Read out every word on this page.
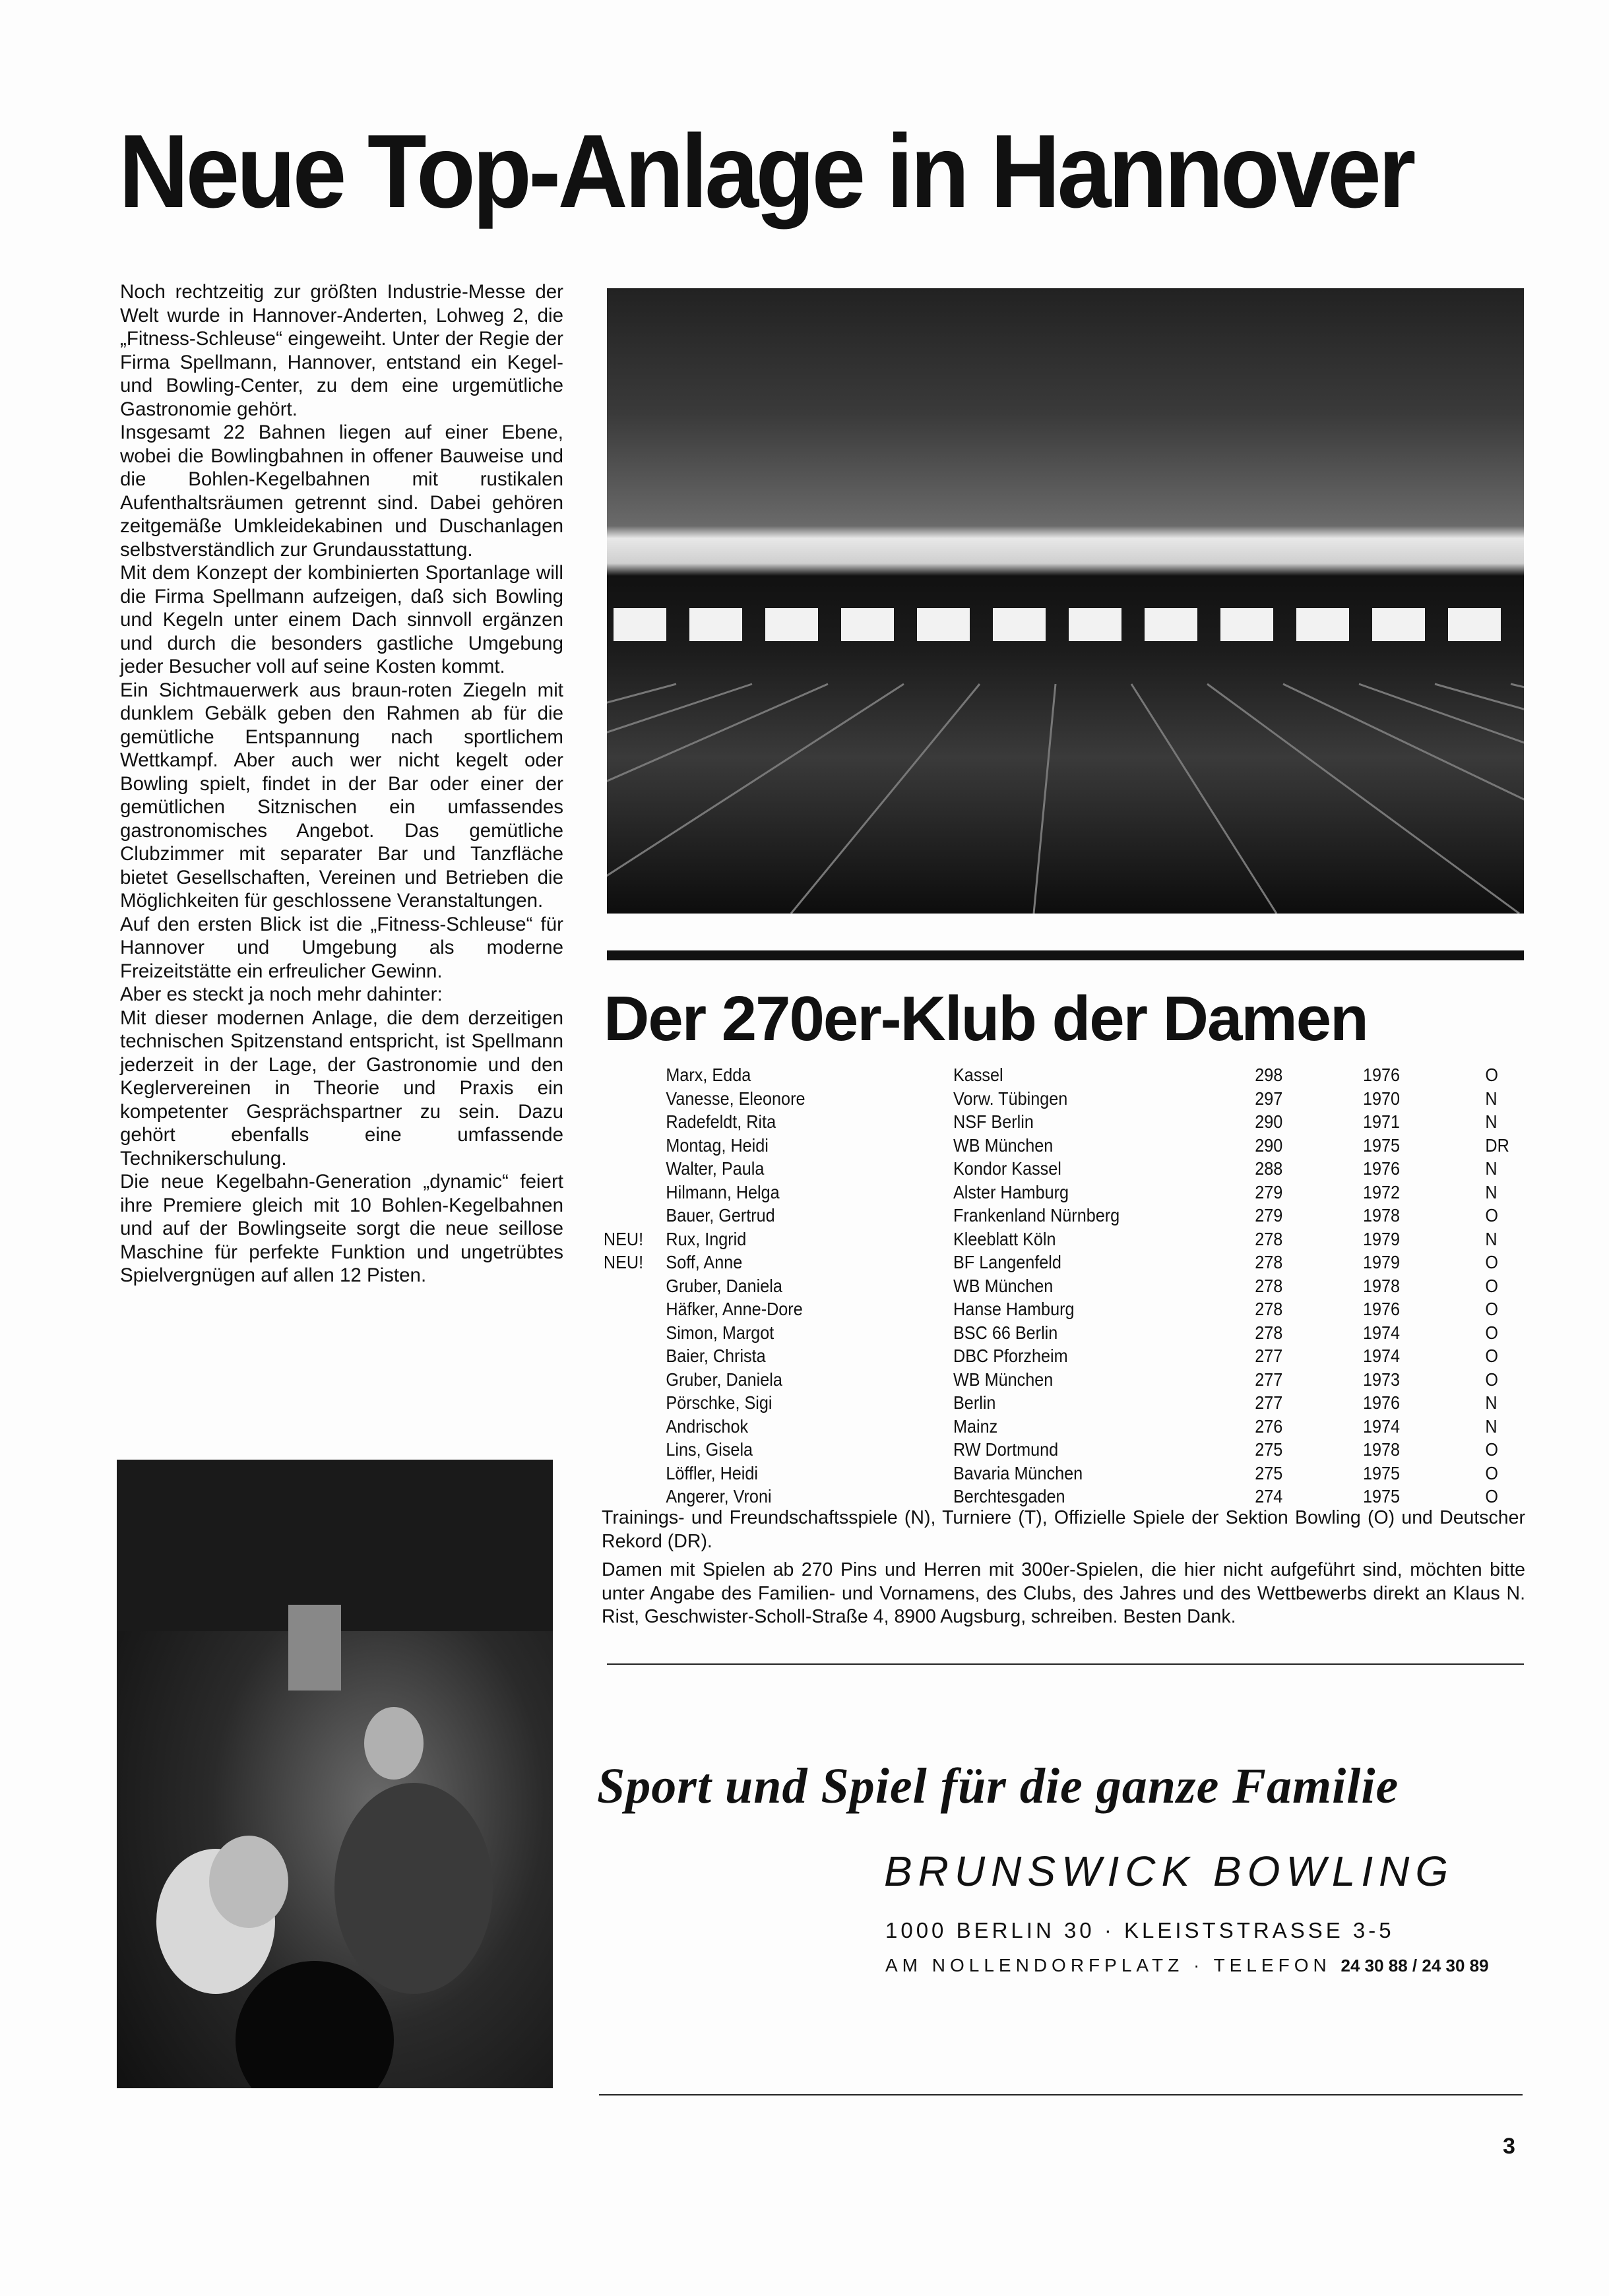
Neue Top-Anlage in Hannover

Noch rechtzeitig zur größten Industrie-Messe der Welt wurde in Hannover-Anderten, Lohweg 2, die „Fitness-Schleuse“ eingeweiht. Unter der Regie der Firma Spellmann, Hannover, entstand ein Kegel- und Bowling-Center, zu dem eine urgemütliche Gastronomie gehört.

Insgesamt 22 Bahnen liegen auf einer Ebene, wobei die Bowlingbahnen in offener Bauweise und die Bohlen-Kegelbahnen mit rustikalen Aufenthaltsräumen getrennt sind. Dabei gehören zeitgemäße Umkleidekabinen und Duschanlagen selbstverständlich zur Grundausstattung.

Mit dem Konzept der kombinierten Sportanlage will die Firma Spellmann aufzeigen, daß sich Bowling und Kegeln unter einem Dach sinnvoll ergänzen und durch die besonders gastliche Umgebung jeder Besucher voll auf seine Kosten kommt.

Ein Sichtmauerwerk aus braun-roten Ziegeln mit dunklem Gebälk geben den Rahmen ab für die gemütliche Entspannung nach sportlichem Wettkampf. Aber auch wer nicht kegelt oder Bowling spielt, findet in der Bar oder einer der gemütlichen Sitznischen ein umfassendes gastronomisches Angebot. Das gemütliche Clubzimmer mit separater Bar und Tanzfläche bietet Gesellschaften, Vereinen und Betrieben die Möglichkeiten für geschlossene Veranstaltungen.

Auf den ersten Blick ist die „Fitness-Schleuse“ für Hannover und Umgebung als moderne Freizeitstätte ein erfreulicher Gewinn.

Aber es steckt ja noch mehr dahinter:

Mit dieser modernen Anlage, die dem derzeitigen technischen Spitzenstand entspricht, ist Spellmann jederzeit in der Lage, der Gastronomie und den Keglervereinen in Theorie und Praxis ein kompetenter Gesprächspartner zu sein. Dazu gehört ebenfalls eine umfassende Technikerschulung.

Die neue Kegelbahn-Generation „dynamic“ feiert ihre Premiere gleich mit 10 Bohlen-Kegelbahnen und auf der Bowlingseite sorgt die neue seillose Maschine für perfekte Funktion und ungetrübtes Spielvergnügen auf allen 12 Pisten.

Der 270er-Klub der Damen
Marx, Edda	Kassel	298	1976	O
Vanesse, Eleonore	Vorw. Tübingen	297	1970	N
Radefeldt, Rita	NSF Berlin	290	1971	N
Montag, Heidi	WB München	290	1975	DR
Walter, Paula	Kondor Kassel	288	1976	N
Hilmann, Helga	Alster Hamburg	279	1972	N
Bauer, Gertrud	Frankenland Nürnberg	279	1978	O
NEU! Rux, Ingrid	Kleeblatt Köln	278	1979	N
NEU! Soff, Anne	BF Langenfeld	278	1979	O
Gruber, Daniela	WB München	278	1978	O
Häfker, Anne-Dore	Hanse Hamburg	278	1976	O
Simon, Margot	BSC 66 Berlin	278	1974	O
Baier, Christa	DBC Pforzheim	277	1974	O
Gruber, Daniela	WB München	277	1973	O
Pörschke, Sigi	Berlin	277	1976	N
Andrischok	Mainz	276	1974	N
Lins, Gisela	RW Dortmund	275	1978	O
Löffler, Heidi	Bavaria München	275	1975	O
Angerer, Vroni	Berchtesgaden	274	1975	O

Trainings- und Freundschaftsspiele (N), Turniere (T), Offizielle Spiele der Sektion Bowling (O) und Deutscher Rekord (DR).

Damen mit Spielen ab 270 Pins und Herren mit 300er-Spielen, die hier nicht aufgeführt sind, möchten bitte unter Angabe des Familien- und Vornamens, des Clubs, des Jahres und des Wettbewerbs direkt an Klaus N. Rist, Geschwister-Scholl-Straße 4, 8900 Augsburg, schreiben. Besten Dank.

Sport und Spiel für die ganze Familie
BRUNSWICK BOWLING
1000 BERLIN 30 · KLEISTSTRASSE 3-5
AM NOLLENDORFPLATZ · TELEFON 24 30 88 / 24 30 89
3
